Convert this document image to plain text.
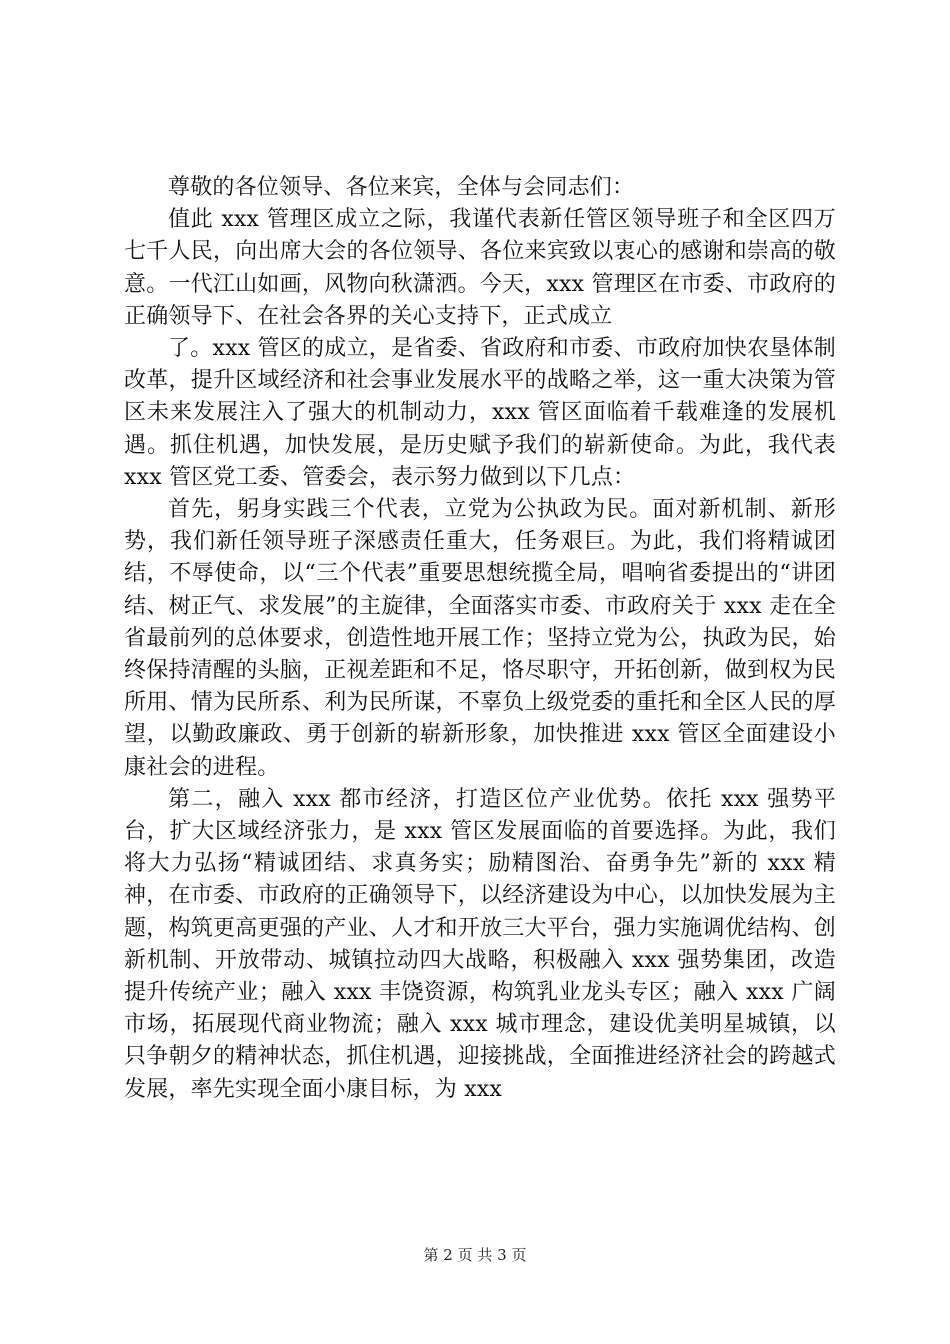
尊敬的各位领导、各位来宾，全体与会同志们：

值此 xxx 管理区成立之际，我谨代表新任管区领导班子和全区四万七千人民，向出席大会的各位领导、各位来宾致以衷心的感谢和崇高的敬意。一代江山如画，风物向秋潇洒。今天，xxx 管理区在市委、市政府的正确领导下、在社会各界的关心支持下，正式成立

了。xxx 管区的成立，是省委、省政府和市委、市政府加快农垦体制改革，提升区域经济和社会事业发展水平的战略之举，这一重大决策为管区未来发展注入了强大的机制动力，xxx 管区面临着千载难逢的发展机遇。抓住机遇，加快发展，是历史赋予我们的崭新使命。为此，我代表 xxx 管区党工委、管委会，表示努力做到以下几点：

首先，躬身实践三个代表，立党为公执政为民。面对新机制、新形势，我们新任领导班子深感责任重大，任务艰巨。为此，我们将精诚团结，不辱使命，以“三个代表”重要思想统揽全局，唱响省委提出的“讲团结、树正气、求发展”的主旋律，全面落实市委、市政府关于 xxx 走在全省最前列的总体要求，创造性地开展工作；坚持立党为公，执政为民，始终保持清醒的头脑，正视差距和不足，恪尽职守，开拓创新，做到权为民所用、情为民所系、利为民所谋，不辜负上级党委的重托和全区人民的厚望，以勤政廉政、勇于创新的崭新形象，加快推进 xxx 管区全面建设小康社会的进程。

第二，融入 xxx 都市经济，打造区位产业优势。依托 xxx 强势平台，扩大区域经济张力，是 xxx 管区发展面临的首要选择。为此，我们将大力弘扬“精诚团结、求真务实；励精图治、奋勇争先”新的 xxx 精神，在市委、市政府的正确领导下，以经济建设为中心，以加快发展为主题，构筑更高更强的产业、人才和开放三大平台，强力实施调优结构、创新机制、开放带动、城镇拉动四大战略，积极融入 xxx 强势集团，改造提升传统产业；融入 xxx 丰饶资源，构筑乳业龙头专区；融入 xxx 广阔市场，拓展现代商业物流；融入 xxx 城市理念，建设优美明星城镇，以只争朝夕的精神状态，抓住机遇，迎接挑战，全面推进经济社会的跨越式发展，率先实现全面小康目标，为 xxx

第 2 页 共 3 页
